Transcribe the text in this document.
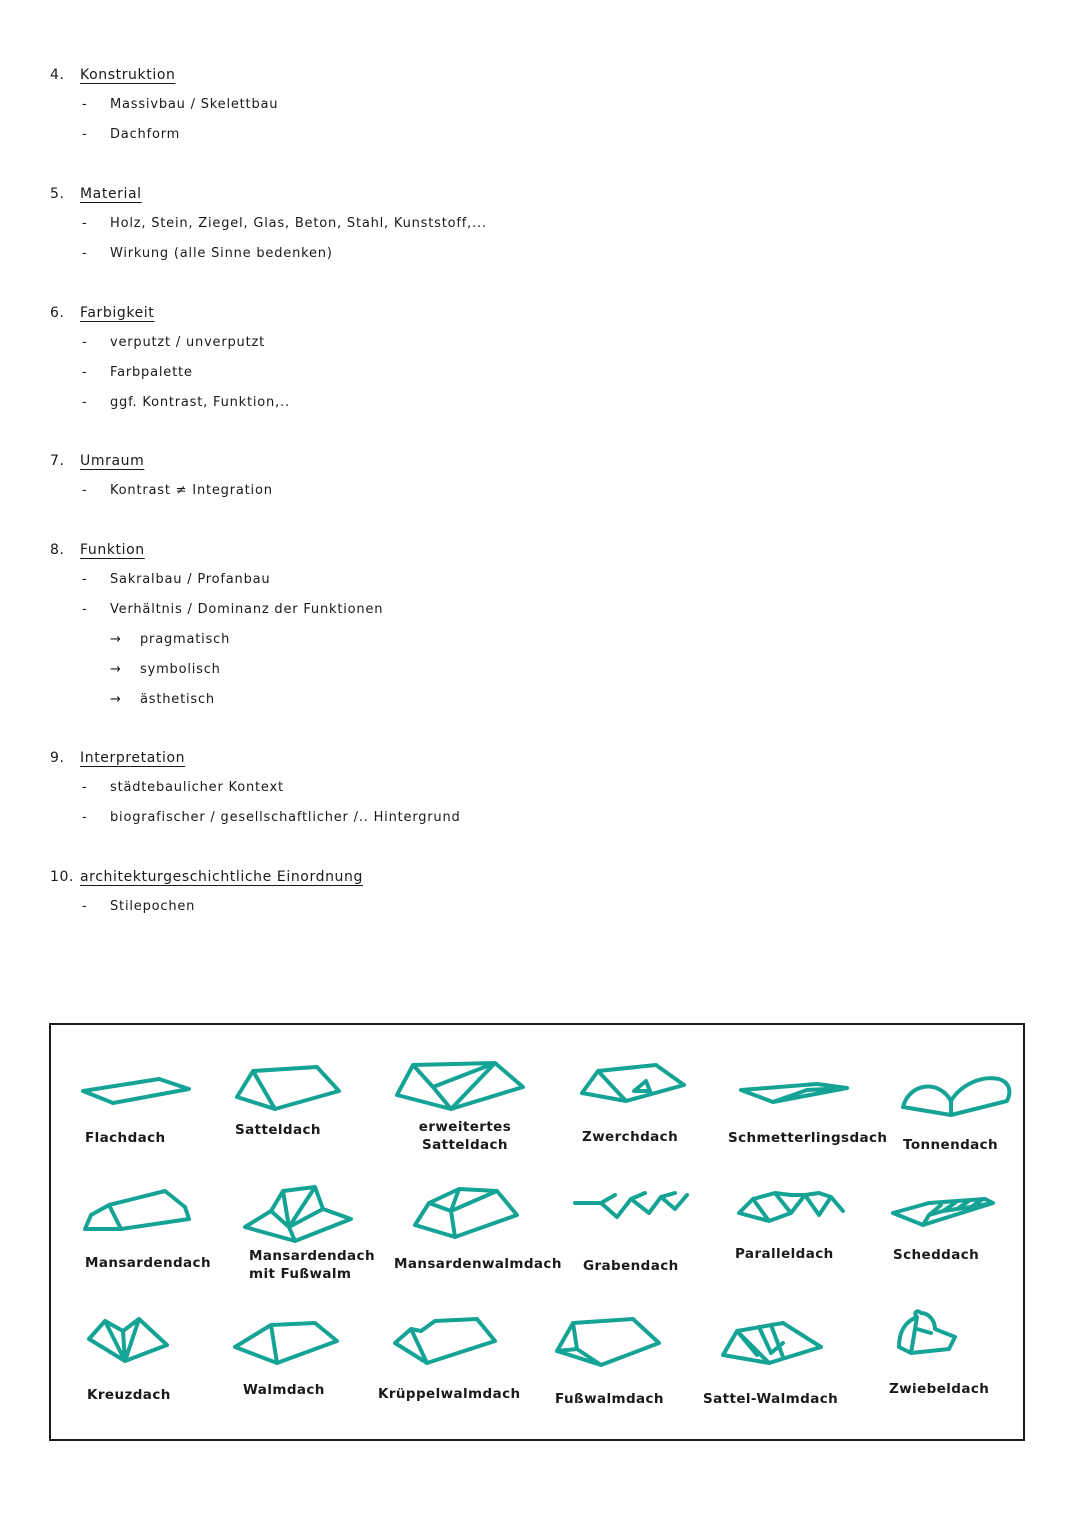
4. Konstruktion
- Massivbau / Skelettbau
- Dachform
5. Material
- Holz, Stein, Ziegel, Glas, Beton, Stahl, Kunststoff,...
- Wirkung (alle Sinne bedenken)
6. Farbigkeit
- verputzt / unverputzt
- Farbpalette
- ggf. Kontrast, Funktion,..
7. Umraum
- Kontrast ≠ Integration
8. Funktion
- Sakralbau / Profanbau
- Verhältnis / Dominanz der Funktionen
→ pragmatisch
→ symbolisch
→ ästhetisch
9. Interpretation
- städtebaulicher Kontext
- biografischer / gesellschaftlicher /.. Hintergrund
10. architekturgeschichtliche Einordnung
- Stilepochen
Flachdach	Satteldach	erweitertes Satteldach	Zwerchdach	Schmetterlingsdach Tonnendach
Mansardendach	Mansardendach mit Fußwalm
Mansardenwalmdach Grabendach
Paralleldach	Scheddach
Kreuzdach	Walmdach	Krüppelwalmdach	Fußwalmdach	Sattel-Walmdach
Zwiebeldach
